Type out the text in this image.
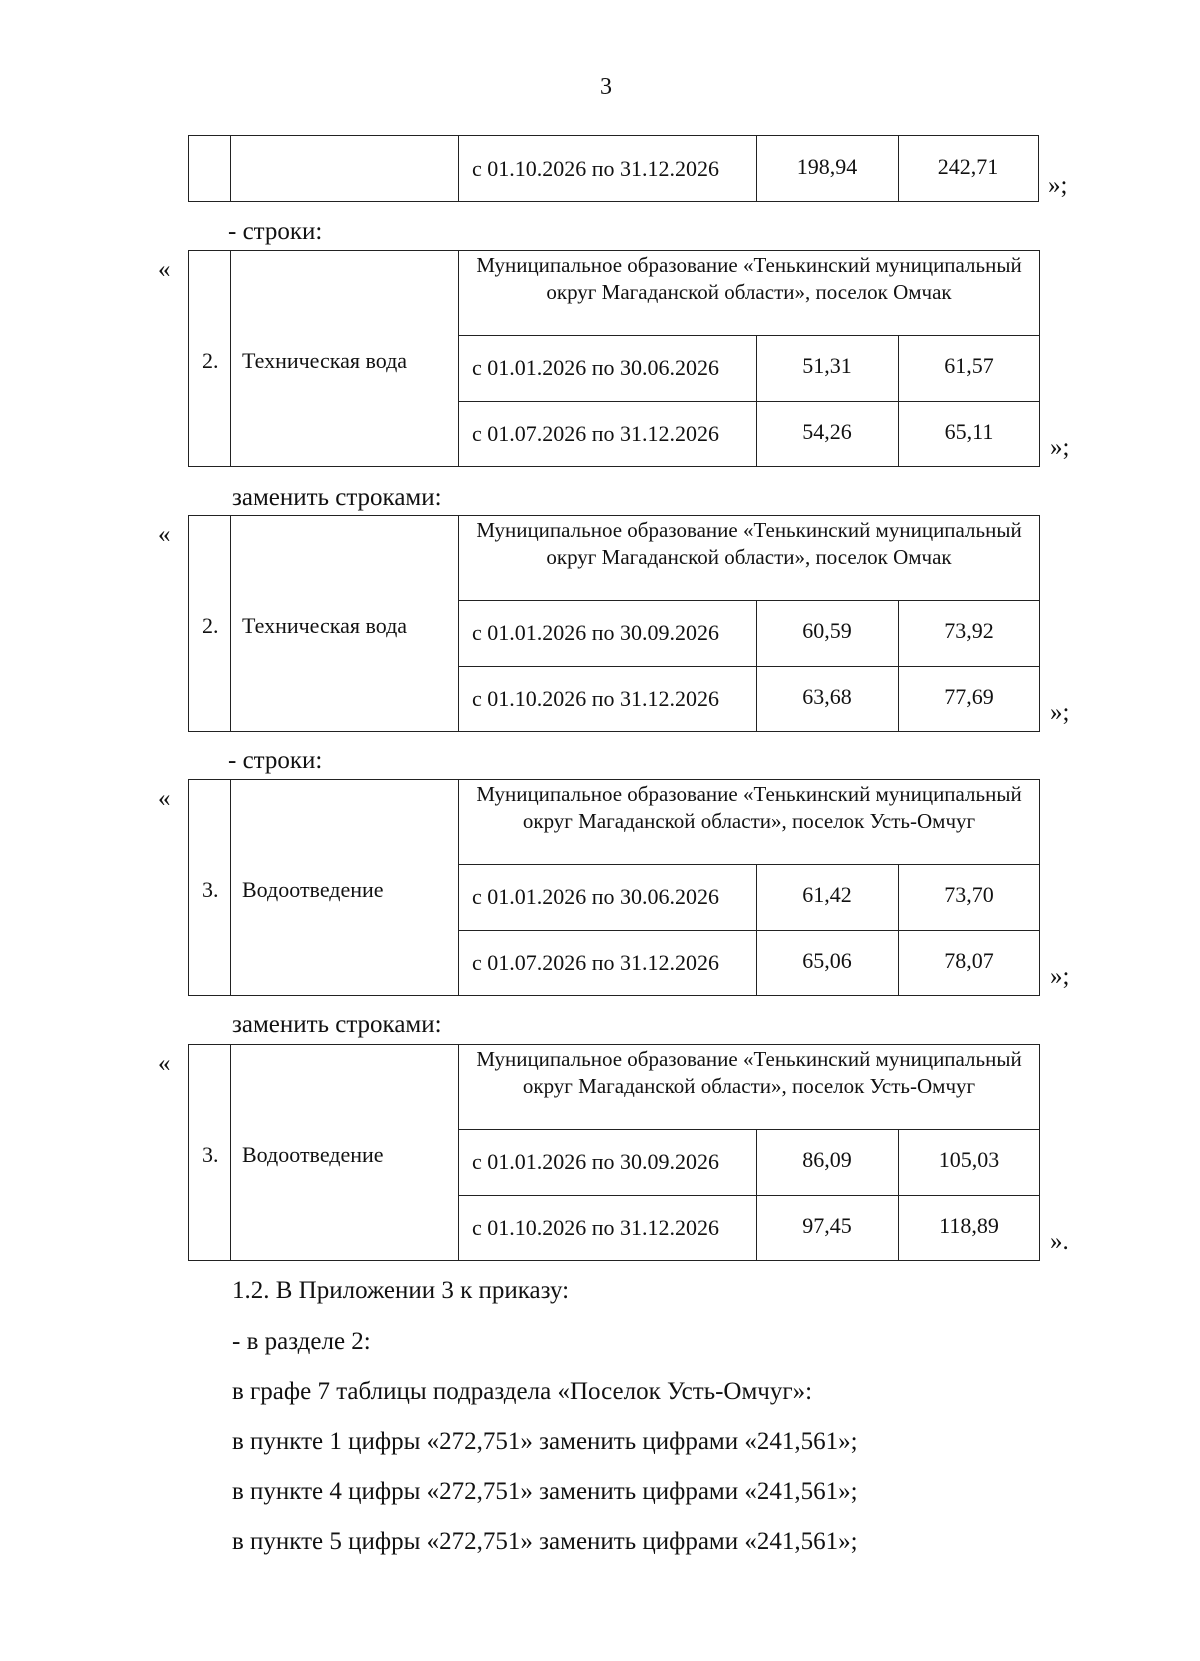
3
с 01.10.2026 по 31.12.2026	198,94	242,71
»;
- строки:
«
2. Техническая вода
Муниципальное образование «Тенькинский муниципальный округ Магаданской области», поселок Омчак
с 01.01.2026 по 30.06.2026	51,31	61,57
с 01.07.2026 по 31.12.2026	54,26	65,11
»;
заменить строками:
«
2. Техническая вода
Муниципальное образование «Тенькинский муниципальный округ Магаданской области», поселок Омчак
с 01.01.2026 по 30.09.2026	60,59	73,92
с 01.10.2026 по 31.12.2026	63,68	77,69
»;
- строки:
«
3. Водоотведение
Муниципальное образование «Тенькинский муниципальный округ Магаданской области», поселок Усть-Омчуг
с 01.01.2026 по 30.06.2026	61,42	73,70
с 01.07.2026 по 31.12.2026	65,06	78,07
»;
заменить строками:
«
3. Водоотведение
Муниципальное образование «Тенькинский муниципальный округ Магаданской области», поселок Усть-Омчуг
с 01.01.2026 по 30.09.2026	86,09	105,03
с 01.10.2026 по 31.12.2026	97,45	118,89
».
1.2. В Приложении 3 к приказу:
- в разделе 2:
в графе 7 таблицы подраздела «Поселок Усть-Омчуг»:
в пункте 1 цифры «272,751» заменить цифрами «241,561»;
в пункте 4 цифры «272,751» заменить цифрами «241,561»;
в пункте 5 цифры «272,751» заменить цифрами «241,561»;
